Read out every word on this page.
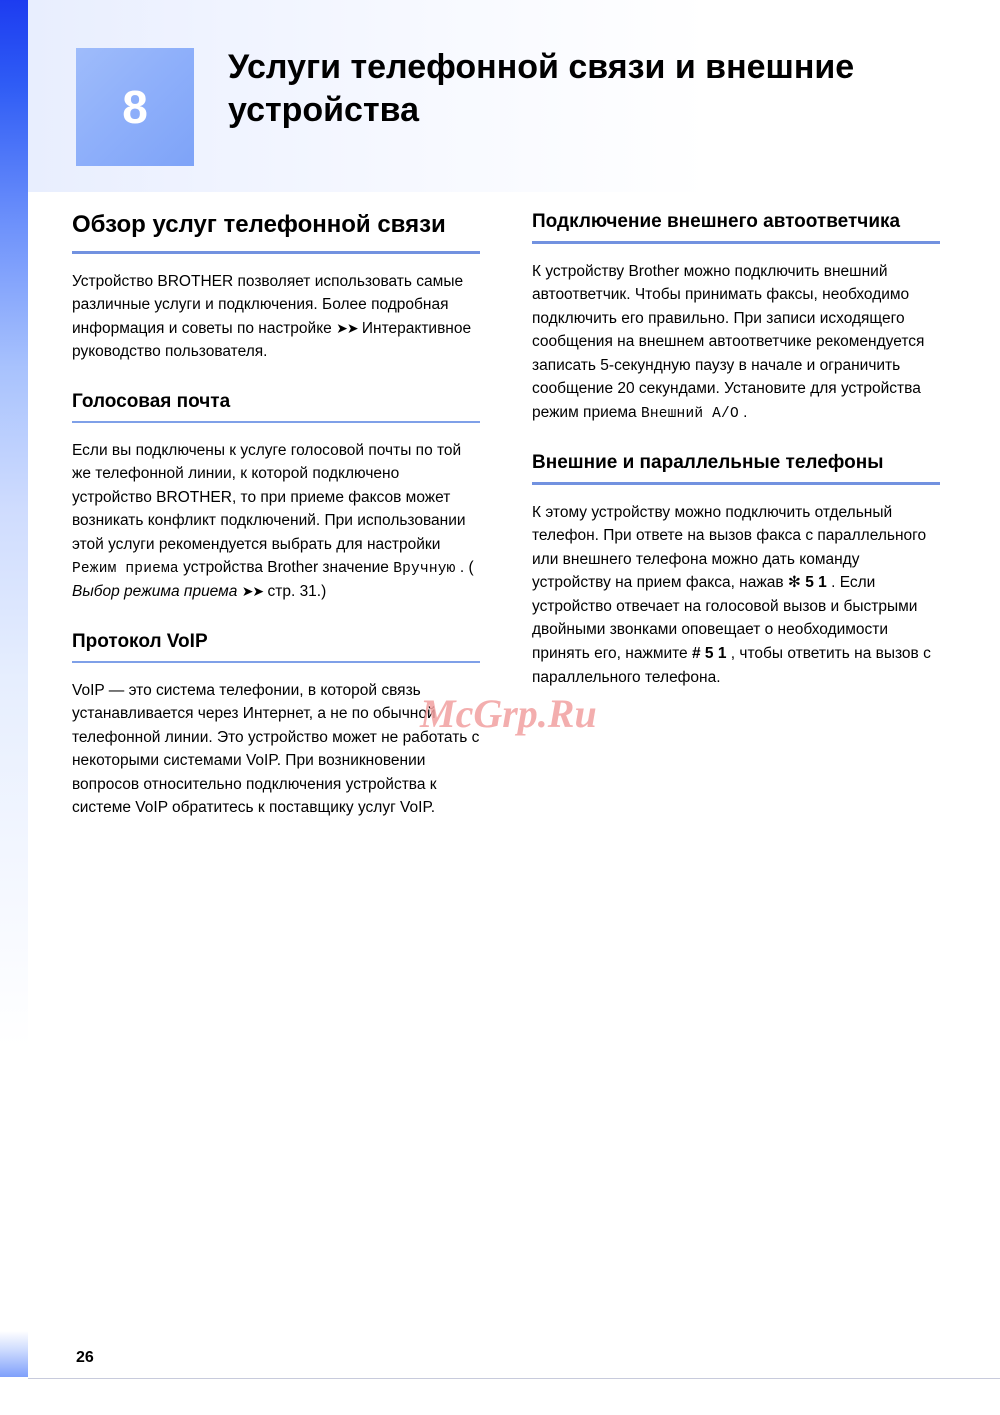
8
Услуги телефонной связи и внешние устройства
Обзор услуг телефонной связи

Устройство BROTHER позволяет использовать самые различные услуги и подключения. Более подробная информация и советы по настройке ➤➤ Интерактивное руководство пользователя.

Голосовая почта

Если вы подключены к услуге голосовой почты по той же телефонной линии, к которой подключено устройство BROTHER, то при приеме факсов может возникать конфликт подключений. При использовании этой услуги рекомендуется выбрать для настройки Режим приема устройства Brother значение Вручную . ( Выбор режима приема ➤➤ стр. 31.)

Протокол VoIP

VoIP — это система телефонии, в которой связь устанавливается через Интернет, а не по обычной телефонной линии. Это устройство может не работать с некоторыми системами VoIP. При возникновении вопросов относительно подключения устройства к системе VoIP обратитесь к поставщику услуг VoIP.

Подключение внешнего автоответчика

К устройству Brother можно подключить внешний автоответчик. Чтобы принимать факсы, необходимо подключить его правильно. При записи исходящего сообщения на внешнем автоответчике рекомендуется записать 5-секундную паузу в начале и ограничить сообщение 20 секундами. Установите для устройства режим приема Внешний А/О .

Внешние и параллельные телефоны

К этому устройству можно подключить отдельный телефон. При ответе на вызов факса с параллельного или внешнего телефона можно дать команду устройству на прием факса, нажав ✻ 5 1 . Если устройство отвечает на голосовой вызов и быстрыми двойными звонками оповещает о необходимости принять его, нажмите # 5 1 , чтобы ответить на вызов с параллельного телефона.

McGrp.Ru
26
